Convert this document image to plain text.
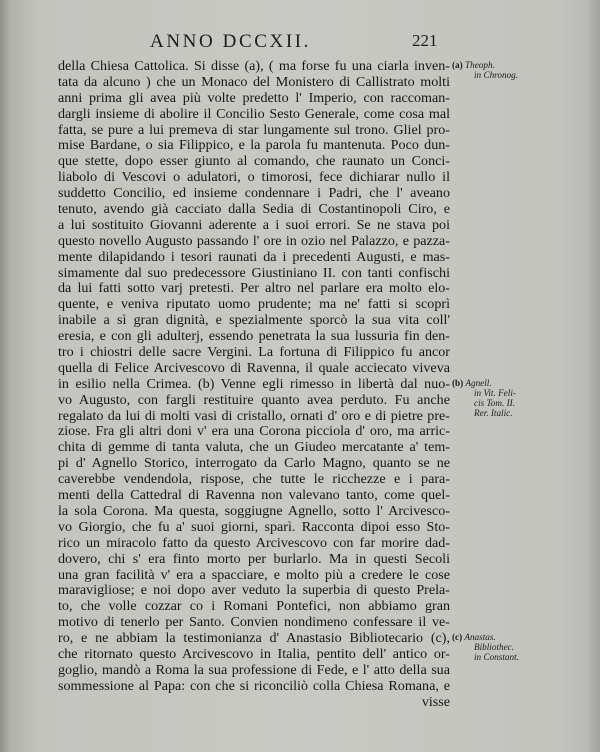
ANNO DCCXII.	221
della Chiesa Cattolica. Si disse (a), ( ma forse fu una ciarla inven-
tata da alcuno ) che un Monaco del Monistero di Callistrato molti
anni prima gli avea più volte predetto l' Imperio, con raccoman-
dargli insieme di abolire il Concilio Sesto Generale, come cosa mal
fatta, se pure a lui premeva di star lungamente sul trono. Gliel pro-
mise Bardane, o sia Filippico, e la parola fu mantenuta. Poco dun-
que stette, dopo esser giunto al comando, che raunato un Conci-
liabolo di Vescovi o adulatori, o timorosi, fece dichiarar nullo il
suddetto Concilio, ed insieme condennare i Padri, che l' aveano
tenuto, avendo già cacciato dalla Sedia di Costantinopoli Ciro, e
a lui sostituito Giovanni aderente a i suoi errori. Se ne stava poi
questo novello Augusto passando l' ore in ozio nel Palazzo, e pazza-
mente dilapidando i tesori raunati da i precedenti Augusti, e mas-
simamente dal suo predecessore Giustiniano II. con tanti confischi
da lui fatti sotto varj pretesti. Per altro nel parlare era molto elo-
quente, e veniva riputato uomo prudente; ma ne' fatti si scoprì
inabile a sì gran dignità, e spezialmente sporcò la sua vita coll'
eresia, e con gli adulterj, essendo penetrata la sua lussuria fin den-
tro i chiostri delle sacre Vergini. La fortuna di Filippico fu ancor
quella di Felice Arcivescovo di Ravenna, il quale acciecato viveva
in esilio nella Crimea. (b) Venne egli rimesso in libertà dal nuo-
vo Augusto, con fargli restituire quanto avea perduto. Fu anche
regalato da lui di molti vasi di cristallo, ornati d' oro e di pietre pre-
ziose. Fra gli altri doni v' era una Corona picciola d' oro, ma arric-
chita di gemme di tanta valuta, che un Giudeo mercatante a' tem-
pi d' Agnello Storico, interrogato da Carlo Magno, quanto se ne
caverebbe vendendola, rispose, che tutte le ricchezze e i para-
menti della Cattedral di Ravenna non valevano tanto, come quel-
la sola Corona. Ma questa, soggiugne Agnello, sotto l' Arcivesco-
vo Giorgio, che fu a' suoi giorni, sparì. Racconta dipoi esso Sto-
rico un miracolo fatto da questo Arcivescovo con far morire dad-
dovero, chi s' era finto morto per burlarlo. Ma in questi Secoli
una gran facilità v' era a spacciare, e molto più a credere le cose
maravigliose; e noi dopo aver veduto la superbia di questo Prela-
to, che volle cozzar co i Romani Pontefici, non abbiamo gran
motivo di tenerlo per Santo. Convien nondimeno confessare il ve-
ro, e ne abbiam la testimonianza d' Anastasio Bibliotecario (c),
che ritornato questo Arcivescovo in Italia, pentito dell' antico or-
goglio, mandò a Roma la sua professione di Fede, e l' atto della sua
sommessione al Papa: con che si riconciliò colla Chiesa Romana, e
visse
(a) Theoph.
in Chronog.
(b) Agnell.
in Vit. Feli-
cis Tom. II.
Rer. Italic.
(c) Anastas.
Bibliothec.
in Constant.
